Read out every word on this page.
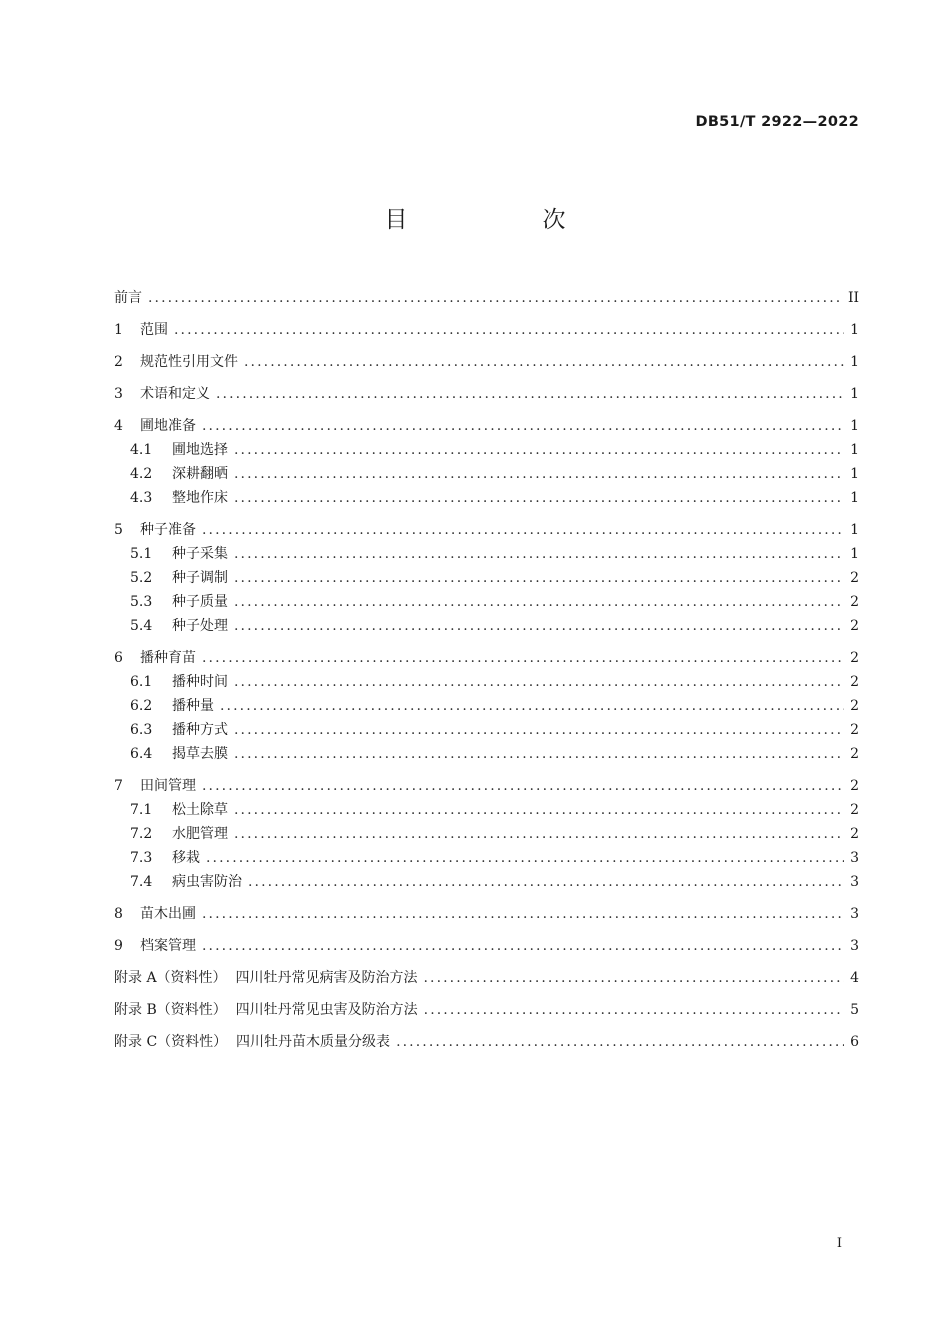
DB51/T 2922—2022
目　次
前言 .....	II
1	范围 .....	1
2	规范性引用文件 .....	1
3	术语和定义 .....	1
4	圃地准备 .....	1
4.1	圃地选择 .....	1
4.2	深耕翻晒 .....	1
4.3	整地作床 .....	1
5	种子准备 .....	1
5.1	种子采集 .....	1
5.2	种子调制 .....	2
5.3	种子质量 .....	2
5.4	种子处理 .....	2
6	播种育苗 .....	2
6.1	播种时间 .....	2
6.2	播种量 .....	2
6.3	播种方式 .....	2
6.4	揭草去膜 .....	2
7	田间管理 .....	2
7.1	松土除草 .....	2
7.2	水肥管理 .....	2
7.3	移栽 .....	3
7.4	病虫害防治 .....	3
8	苗木出圃 .....	3
9	档案管理 .....	3
附录 A（资料性）  四川牡丹常见病害及防治方法 .....	4
附录 B（资料性）  四川牡丹常见虫害及防治方法 .....	5
附录 C（资料性）  四川牡丹苗木质量分级表 .....	6
I
